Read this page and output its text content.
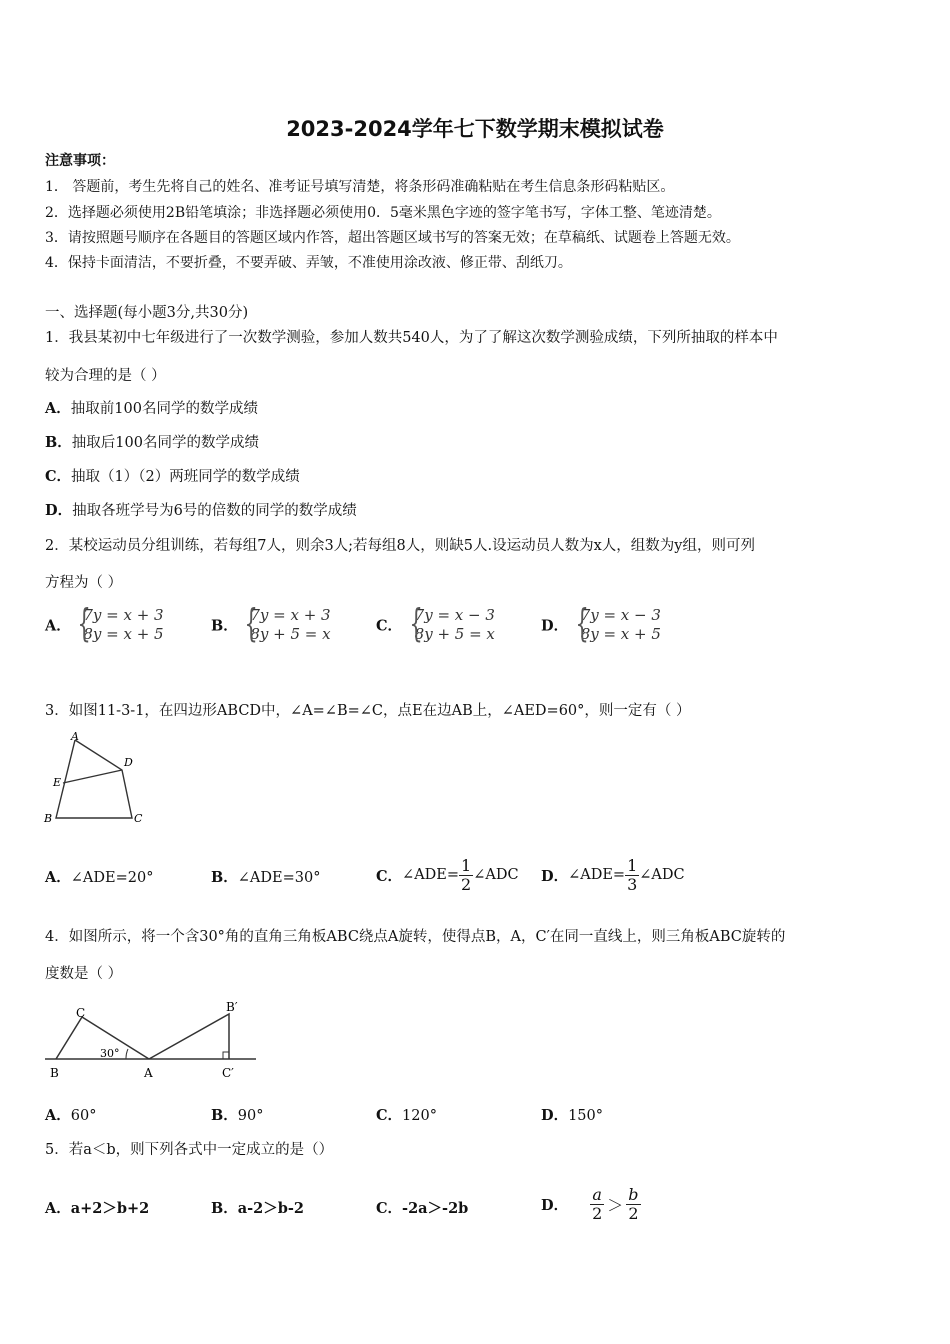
2023-2024学年七下数学期末模拟试卷
注意事项：
1． 答题前，考生先将自己的姓名、准考证号填写清楚，将条形码准确粘贴在考生信息条形码粘贴区。
2．选择题必须使用2B铅笔填涂；非选择题必须使用0．5毫米黑色字迹的签字笔书写，字体工整、笔迹清楚。
3．请按照题号顺序在各题目的答题区域内作答，超出答题区域书写的答案无效；在草稿纸、试题卷上答题无效。
4．保持卡面清洁，不要折叠，不要弄破、弄皱，不准使用涂改液、修正带、刮纸刀。
一、选择题(每小题3分,共30分)
1．我县某初中七年级进行了一次数学测验，参加人数共540人，为了了解这次数学测验成绩，下列所抽取的样本中
较为合理的是（ ）
A．抽取前100名同学的数学成绩
B．抽取后100名同学的数学成绩
C．抽取（1）（2）两班同学的数学成绩
D．抽取各班学号为6号的倍数的同学的数学成绩
2．某校运动员分组训练，若每组7人，则余3人;若每组8人，则缺5人.设运动员人数为x人，组数为y组，则可列
方程为（ ）
A． { 7y = x + 3
8y = x + 5	B． { 7y = x + 3
8y + 5 = x	C． { 7y = x − 3
8y + 5 = x	D． { 7y = x − 3
8y = x + 5
3．如图11-3-1，在四边形ABCD中，∠A=∠B=∠C，点E在边AB上，∠AED=60°，则一定有（ ）
A
D
E
B	C
A．∠ADE=20°	B．∠ADE=30°	C． ∠ADE= $\frac{1}{2}$ ∠ADC D． ∠ADE= $\frac{1}{3}$ ∠ADC
4．如图所示，将一个含30°角的直角三角板ABC绕点A旋转，使得点B，A，C′在同一直线上，则三角板ABC旋转的
度数是（ ）
C
B	A
B′
C′
30°
A．60°	B．90°	C．120°	D．150°
5．若a＜b，则下列各式中一定成立的是（）
A．a+2＞b+2	B．a-2＞b-2	C．-2a＞-2b	D． $\frac{a}{2} > \frac{b}{2}$
